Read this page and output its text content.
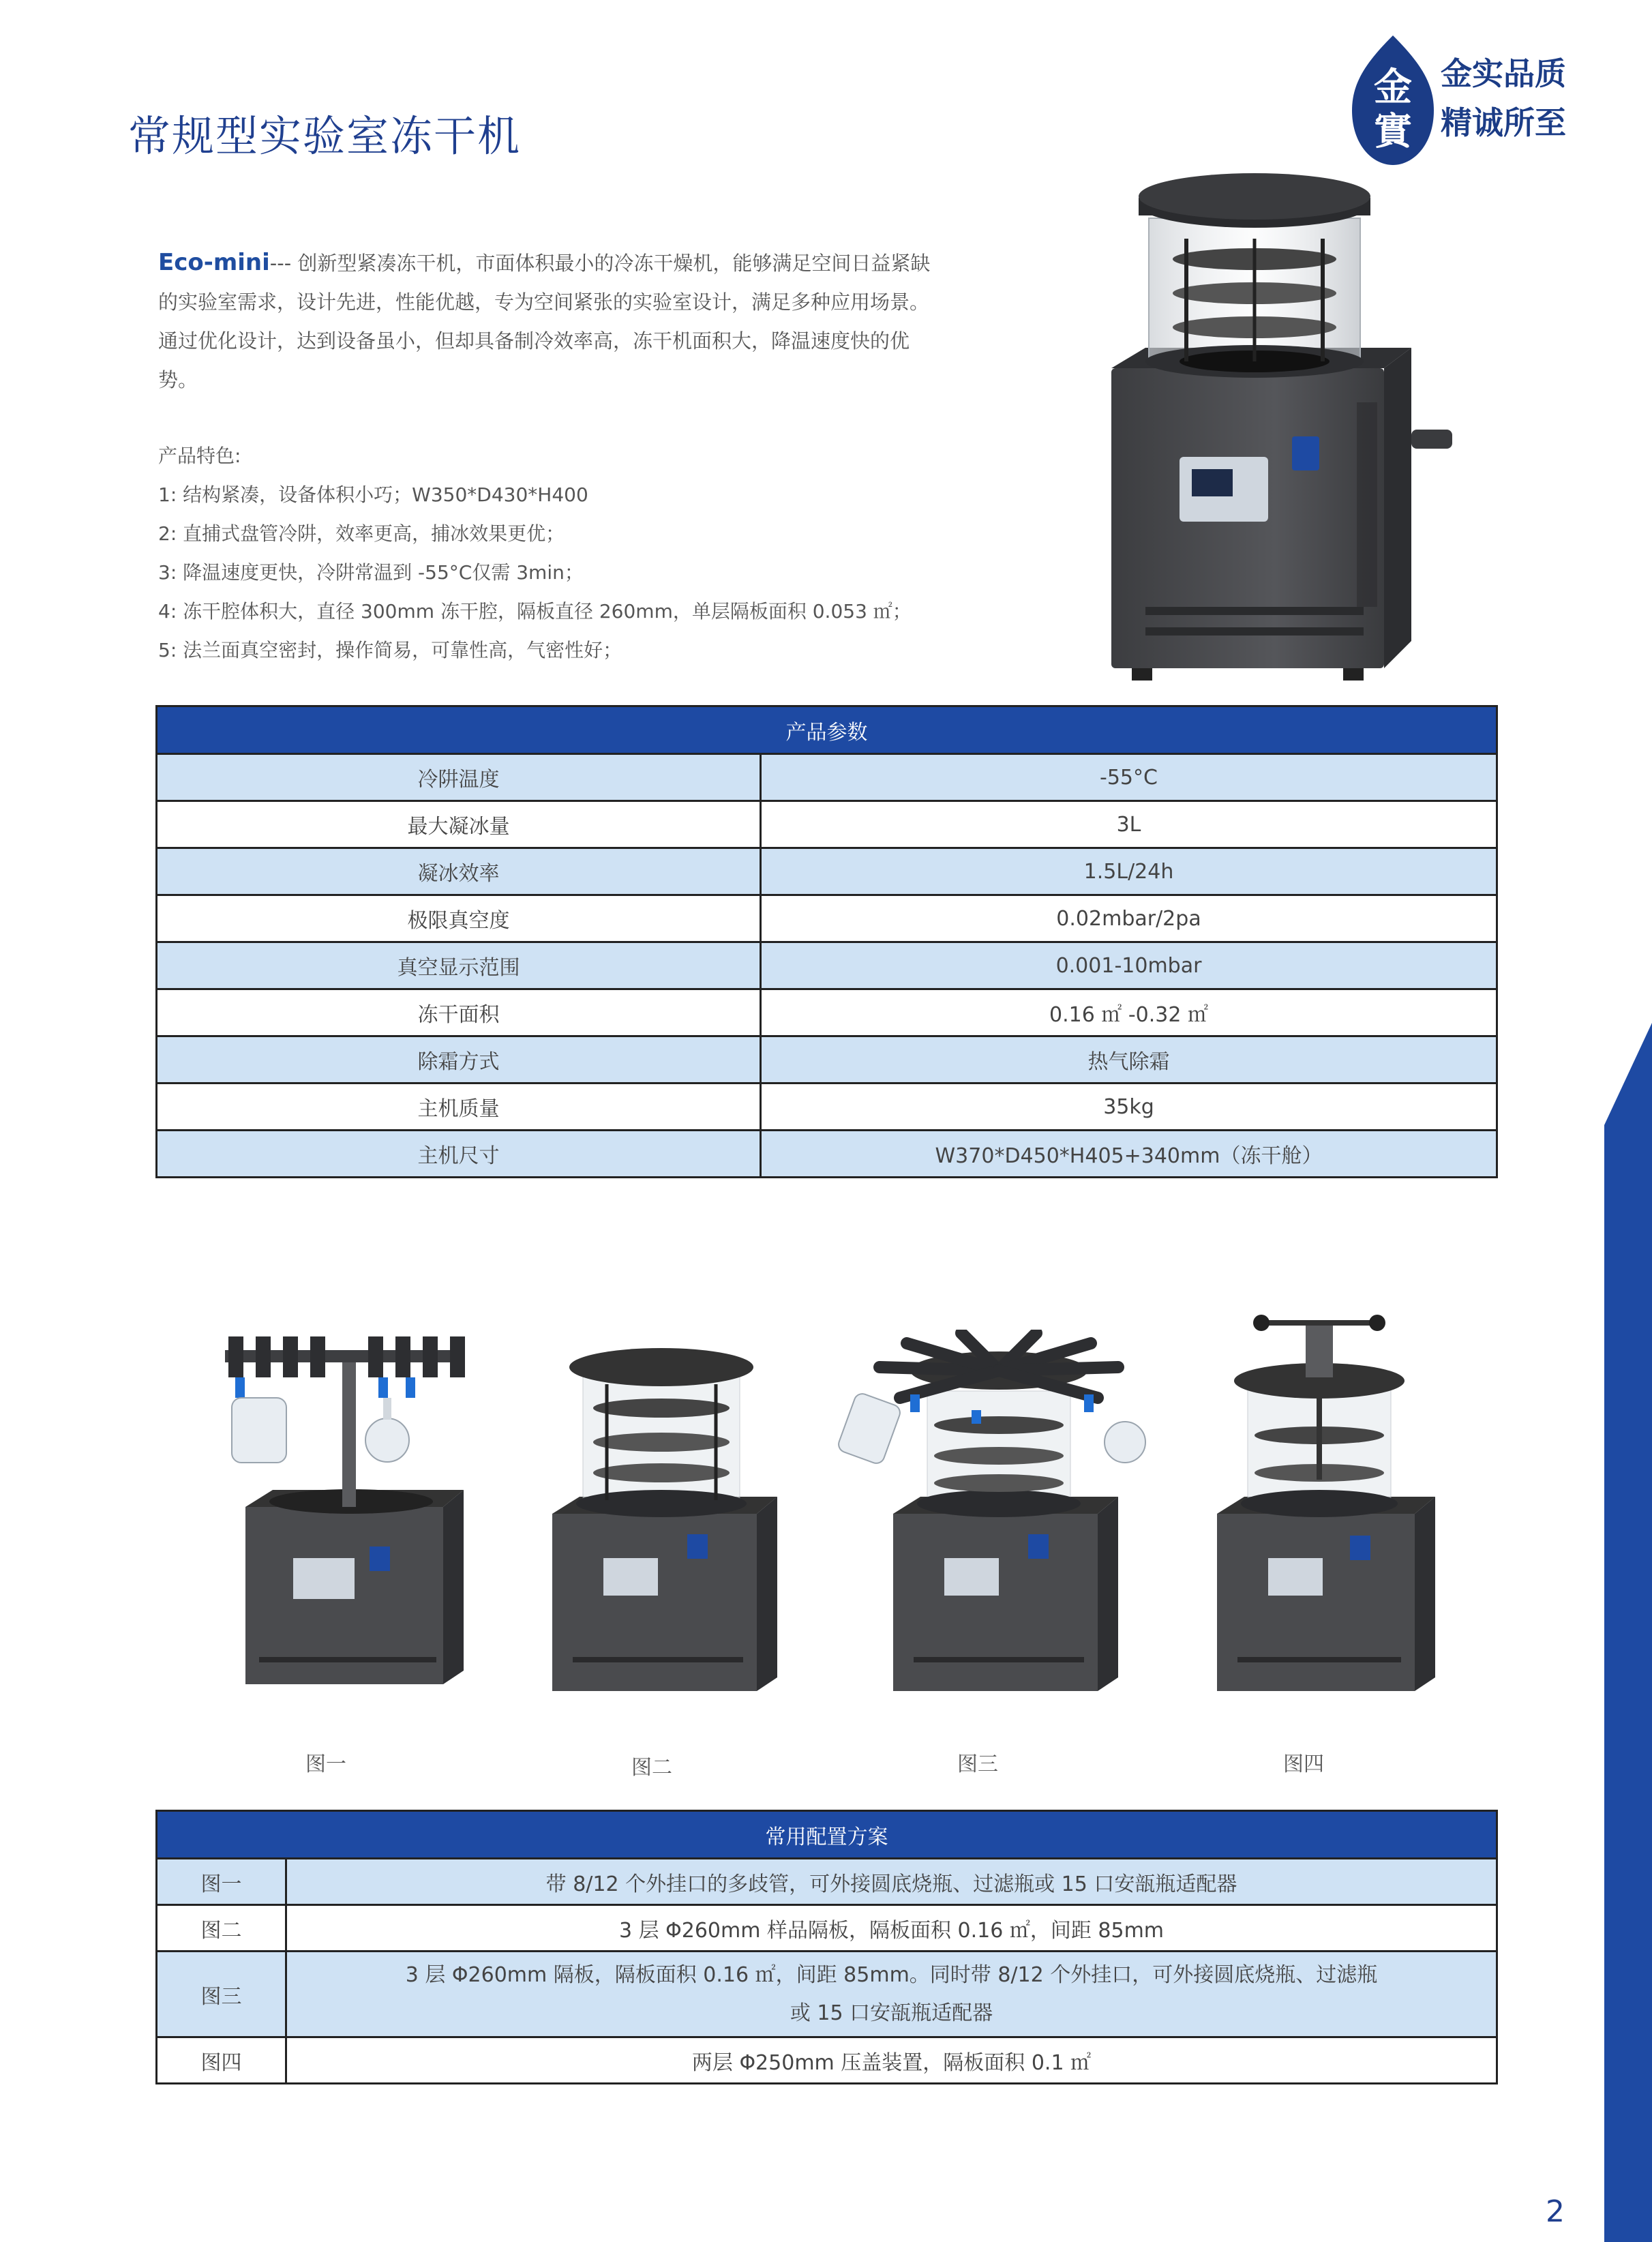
常规型实验室冻干机
金
實
金实品质
精诚所至
Eco-mini--- 创新型紧凑冻干机，市面体积最小的冷冻干燥机，能够满足空间日益紧缺的实验室需求，设计先进，性能优越，专为空间紧张的实验室设计，满足多种应用场景。通过优化设计，达到设备虽小，但却具备制冷效率高，冻干机面积大，降温速度快的优势。
产品特色:
1: 结构紧凑，设备体积小巧；W350*D430*H400
2: 直捕式盘管冷阱，效率更高，捕冰效果更优；
3: 降温速度更快，冷阱常温到 -55°C仅需 3min；
4: 冻干腔体积大，直径 300mm 冻干腔，隔板直径 260mm，单层隔板面积 0.053 ㎡；
5: 法兰面真空密封，操作简易，可靠性高，气密性好；
产品参数	
冷阱温度	-55°C
最大凝冰量	3L
凝冰效率	1.5L/24h
极限真空度	0.02mbar/2pa
真空显示范围	0.001-10mbar
冻干面积	0.16 ㎡ -0.32 ㎡
除霜方式	热气除霜
主机质量	35kg
主机尺寸	W370*D450*H405+340mm（冻干舱）
图一	图二	图三	图四
常用配置方案	
图一	带 8/12 个外挂口的多歧管，可外接圆底烧瓶、过滤瓶或 15 口安瓿瓶适配器
图二	3 层 Φ260mm 样品隔板，隔板面积 0.16 ㎡，间距 85mm
图三	3 层 Φ260mm 隔板，隔板面积 0.16 ㎡，间距 85mm。同时带 8/12 个外挂口，可外接圆底烧瓶、过滤瓶
或 15 口安瓿瓶适配器

图四	两层 Φ250mm 压盖装置，隔板面积 0.1 ㎡
2
